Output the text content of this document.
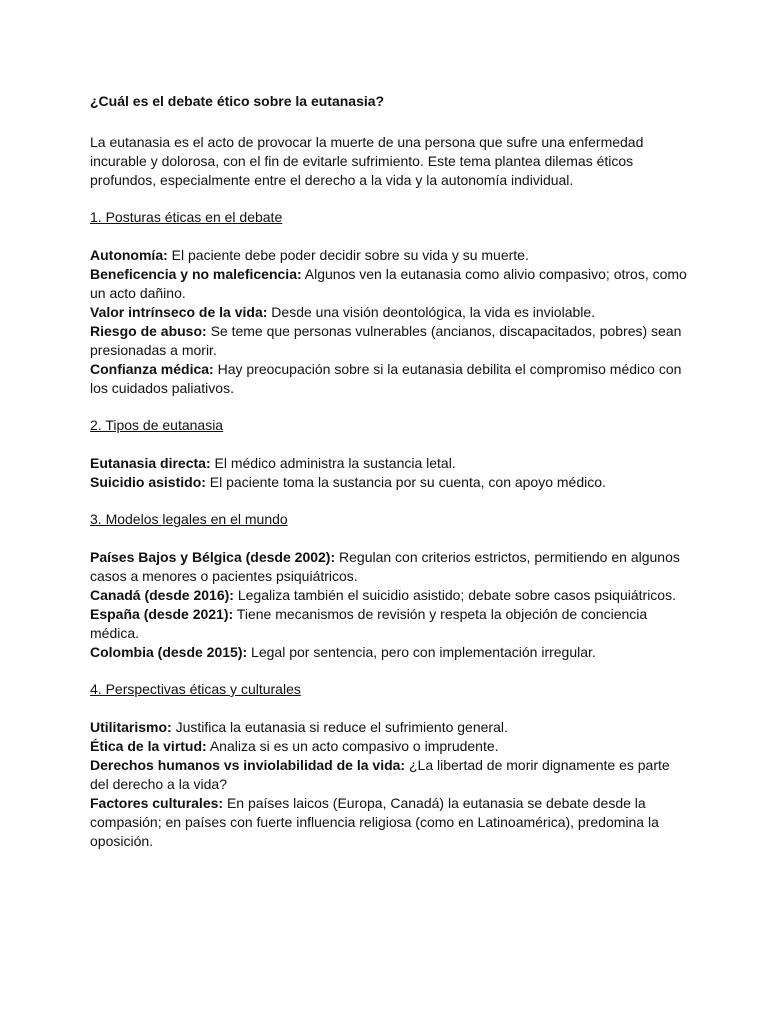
¿Cuál es el debate ético sobre la eutanasia?

La eutanasia es el acto de provocar la muerte de una persona que sufre una enfermedad incurable y dolorosa, con el fin de evitarle sufrimiento. Este tema plantea dilemas éticos profundos, especialmente entre el derecho a la vida y la autonomía individual.

1. Posturas éticas en el debate

Autonomía: El paciente debe poder decidir sobre su vida y su muerte.

Beneficencia y no maleficencia: Algunos ven la eutanasia como alivio compasivo; otros, como un acto dañino.

Valor intrínseco de la vida: Desde una visión deontológica, la vida es inviolable.

Riesgo de abuso: Se teme que personas vulnerables (ancianos, discapacitados, pobres) sean presionadas a morir.

Confianza médica: Hay preocupación sobre si la eutanasia debilita el compromiso médico con los cuidados paliativos.

2. Tipos de eutanasia

Eutanasia directa: El médico administra la sustancia letal.

Suicidio asistido: El paciente toma la sustancia por su cuenta, con apoyo médico.

3. Modelos legales en el mundo

Países Bajos y Bélgica (desde 2002): Regulan con criterios estrictos, permitiendo en algunos casos a menores o pacientes psiquiátricos.

Canadá (desde 2016): Legaliza también el suicidio asistido; debate sobre casos psiquiátricos.

España (desde 2021): Tiene mecanismos de revisión y respeta la objeción de conciencia médica.

Colombia (desde 2015): Legal por sentencia, pero con implementación irregular.

4. Perspectivas éticas y culturales

Utilitarismo: Justifica la eutanasia si reduce el sufrimiento general.

Ética de la virtud: Analiza si es un acto compasivo o imprudente.

Derechos humanos vs inviolabilidad de la vida: ¿La libertad de morir dignamente es parte del derecho a la vida?

Factores culturales: En países laicos (Europa, Canadá) la eutanasia se debate desde la compasión; en países con fuerte influencia religiosa (como en Latinoamérica), predomina la oposición.
